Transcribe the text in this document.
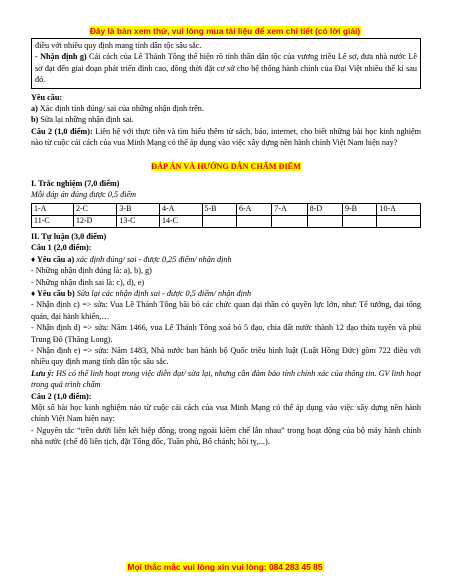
Đây là bản xem thử, vui lòng mua tài liệu để xem chi tiết (có lời giải)

điều với nhiều quy định mang tính dân tộc sâu sắc.

- Nhận định g) Cải cách của Lê Thánh Tông thể hiện rõ tính thần dân tộc của vương triều Lê sơ, đưa nhà nước Lê sơ đạt đến giai đoạn phát triển đỉnh cao, đồng thời đặt cơ sở cho hệ thống hành chính của Đại Việt nhiều thế kỉ sau đó.

Yêu cầu:

a) Xác định tính đúng/ sai của những nhận định trên.

b) Sửa lại những nhận định sai.

Câu 2 (1,0 điểm): Liên hệ với thực tiễn và tìm hiểu thêm từ sách, báo, internet, cho biết những bài học kinh nghiệm nào từ cuộc cải cách của vua Minh Mạng có thể áp dụng vào việc xây dựng nền hành chính Việt Nam hiện nay?

ĐÁP ÁN VÀ HƯỚNG DẪN CHẤM ĐIỂM

I. Trắc nghiệm (7,0 điểm)

Mỗi đáp án đúng được 0,5 điểm

1-A	2-C	3-B	4-A	5-B	6-A	7-A	8-D	9-B	10-A
11-C	12-D	13-C	14-C						

II. Tự luận (3,0 điểm)

Câu 1 (2,0 điểm):

♦ Yêu cầu a) xác định đúng/ sai - được 0,25 điểm/ nhận định

- Những nhận định đúng là: a), b), g)

- Những nhận định sai là: c), d), e)

♦ Yêu cầu b) Sửa lại các nhận định sai - được 0,5 điểm/ nhận định

- Nhận định c) => sửa: Vua Lê Thánh Tông bãi bỏ các chức quan đại thần có quyền lực lớn, như: Tể tướng, đại tổng quản, đại hành khiển,…

- Nhận định d) => sửa: Năm 1466, vua Lê Thánh Tông xoá bỏ 5 đạo, chia đất nước thành 12 đạo thừa tuyên và phủ Trung Đô (Thăng Long).

- Nhận định e) => sửa: Năm 1483, Nhà nước ban hành bộ Quốc triều hình luật (Luật Hồng Đức) gồm 722 điều với nhiều quy định mang tính dân tộc sâu sắc.

Lưu ý: HS có thể linh hoạt trong việc diễn đạt/ sửa lại, nhưng cần đảm bảo tính chính xác của thông tin. GV linh hoạt trong quá trình chấm

Câu 2 (1,0 điểm):

Một số bài học kinh nghiệm nào từ cuộc cải cách của vua Minh Mạng có thể áp dụng vào việc xây dựng nền hành chính Việt Nam hiện nay:

- Nguyên tắc “trên dưới liên kết hiệp đồng, trong ngoài kiềm chế lẫn nhau” trong hoạt động của bộ máy hành chính nhà nước (chế độ liên tịch, đặt Tổng đốc, Tuần phủ, Bố chánh; hồi tỵ,...).

Mọi thắc mắc vui lòng xin vui lòng: 084 283 45 85
